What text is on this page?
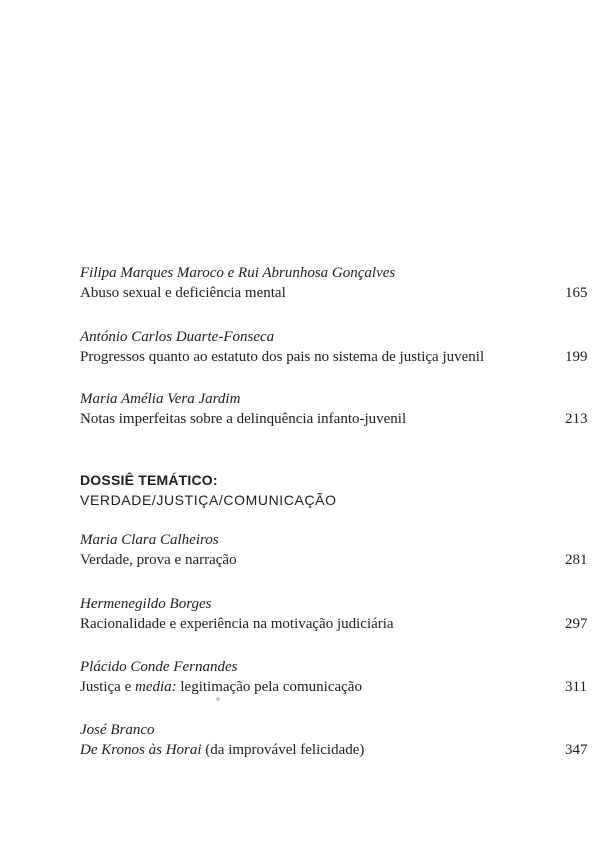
Filipa Marques Maroco e Rui Abrunhosa Gonçalves
Abuso sexual e deficiência mental	165
António Carlos Duarte-Fonseca
Progressos quanto ao estatuto dos pais no sistema de justiça juvenil	199
Maria Amélia Vera Jardim
Notas imperfeitas sobre a delinquência infanto-juvenil	213
DOSSIÊ TEMÁTICO:
VERDADE/JUSTIÇA/COMUNICAÇÃO
Maria Clara Calheiros
Verdade, prova e narração	281
Hermenegildo Borges
Racionalidade e experiência na motivação judiciária	297
Plácido Conde Fernandes
Justiça e media: legitimação pela comunicação	311
José Branco
De Kronos às Horai (da improvável felicidade)	347
